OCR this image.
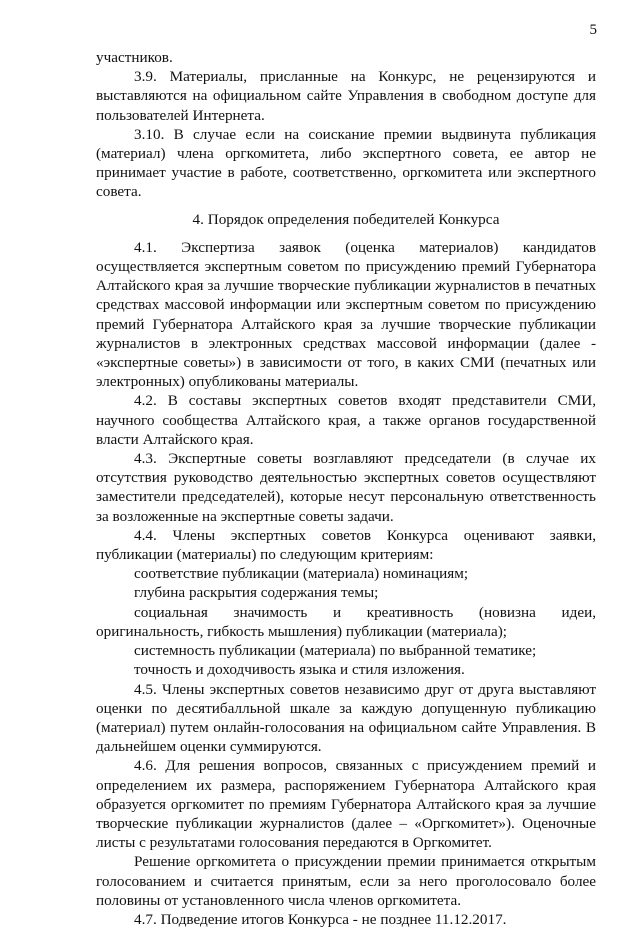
5

участников.

3.9. Материалы, присланные на Конкурс, не рецензируются и выставляются на официальном сайте Управления в свободном доступе для пользователей Интернета.

3.10. В случае если на соискание премии выдвинута публикация (материал) члена оргкомитета, либо экспертного совета, ее автор не принимает участие в работе, соответственно, оргкомитета или экспертного совета.

4. Порядок определения победителей Конкурса

4.1. Экспертиза заявок (оценка материалов) кандидатов осуществляется экспертным советом по присуждению премий Губернатора Алтайского края за лучшие творческие публикации журналистов в печатных средствах массовой информации или экспертным советом по присуждению премий Губернатора Алтайского края за лучшие творческие публикации журналистов в электронных средствах массовой информации (далее - «экспертные советы») в зависимости от того, в каких СМИ (печатных или электронных) опубликованы материалы.

4.2. В составы экспертных советов входят представители СМИ, научного сообщества Алтайского края, а также органов государственной власти Алтайского края.

4.3. Экспертные советы возглавляют председатели (в случае их отсутствия руководство деятельностью экспертных советов осуществляют заместители председателей), которые несут персональную ответственность за возложенные на экспертные советы задачи.

4.4. Члены экспертных советов Конкурса оценивают заявки, публикации (материалы) по следующим критериям:

соответствие публикации (материала) номинациям;

глубина раскрытия содержания темы;

социальная значимость и креативность (новизна идеи, оригинальность, гибкость мышления) публикации (материала);

системность публикации (материала) по выбранной тематике;

точность и доходчивость языка и стиля изложения.

4.5. Члены экспертных советов независимо друг от друга выставляют оценки по десятибалльной шкале за каждую допущенную публикацию (материал) путем онлайн-голосования на официальном сайте Управления. В дальнейшем оценки суммируются.

4.6. Для решения вопросов, связанных с присуждением премий и определением их размера, распоряжением Губернатора Алтайского края образуется оргкомитет по премиям Губернатора Алтайского края за лучшие творческие публикации журналистов (далее – «Оргкомитет»). Оценочные листы с результатами голосования передаются в Оргкомитет.

Решение оргкомитета о присуждении премии принимается открытым голосованием и считается принятым, если за него проголосовало более половины от установленного числа членов оргкомитета.

4.7. Подведение итогов Конкурса - не позднее 11.12.2017.
